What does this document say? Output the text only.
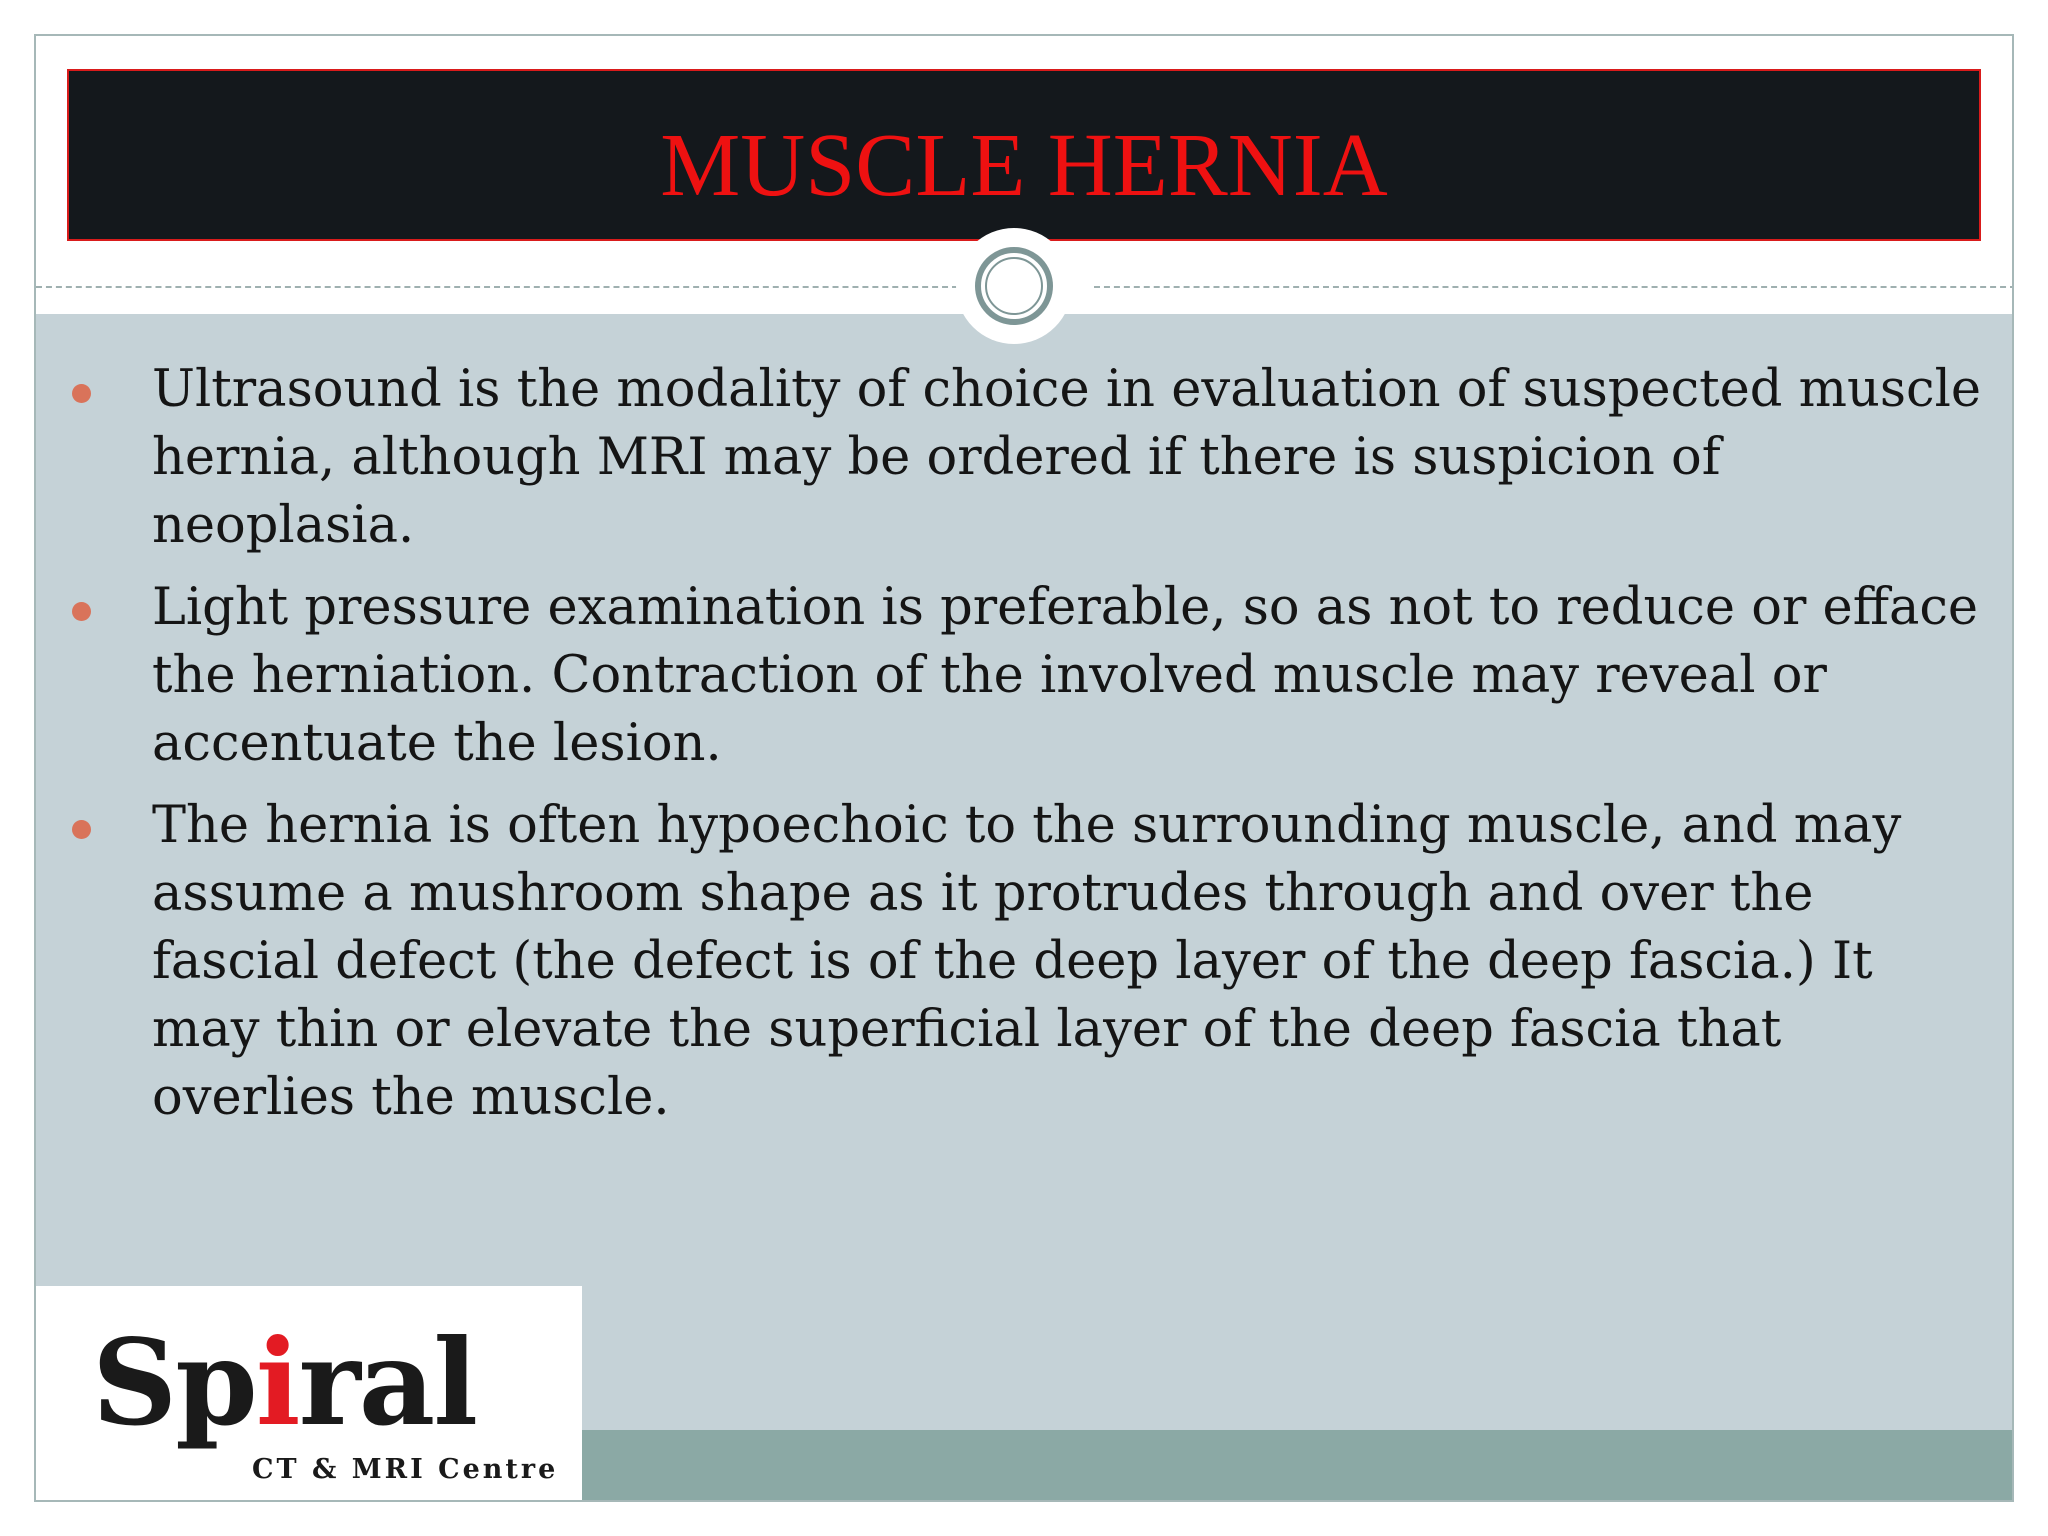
MUSCLE HERNIA
Ultrasound is the modality of choice in evaluation of suspected muscle hernia, although MRI may be ordered if there is suspicion of neoplasia.
Light pressure examination is preferable, so as not to reduce or efface the herniation. Contraction of the involved muscle may reveal or accentuate the lesion.
The hernia is often hypoechoic to the surrounding muscle, and may assume a mushroom shape as it protrudes through and over the fascial defect (the defect is of the deep layer of the deep fascia.) It may thin or elevate the superficial layer of the deep fascia that overlies the muscle.
Spiral
CT & MRI Centre
